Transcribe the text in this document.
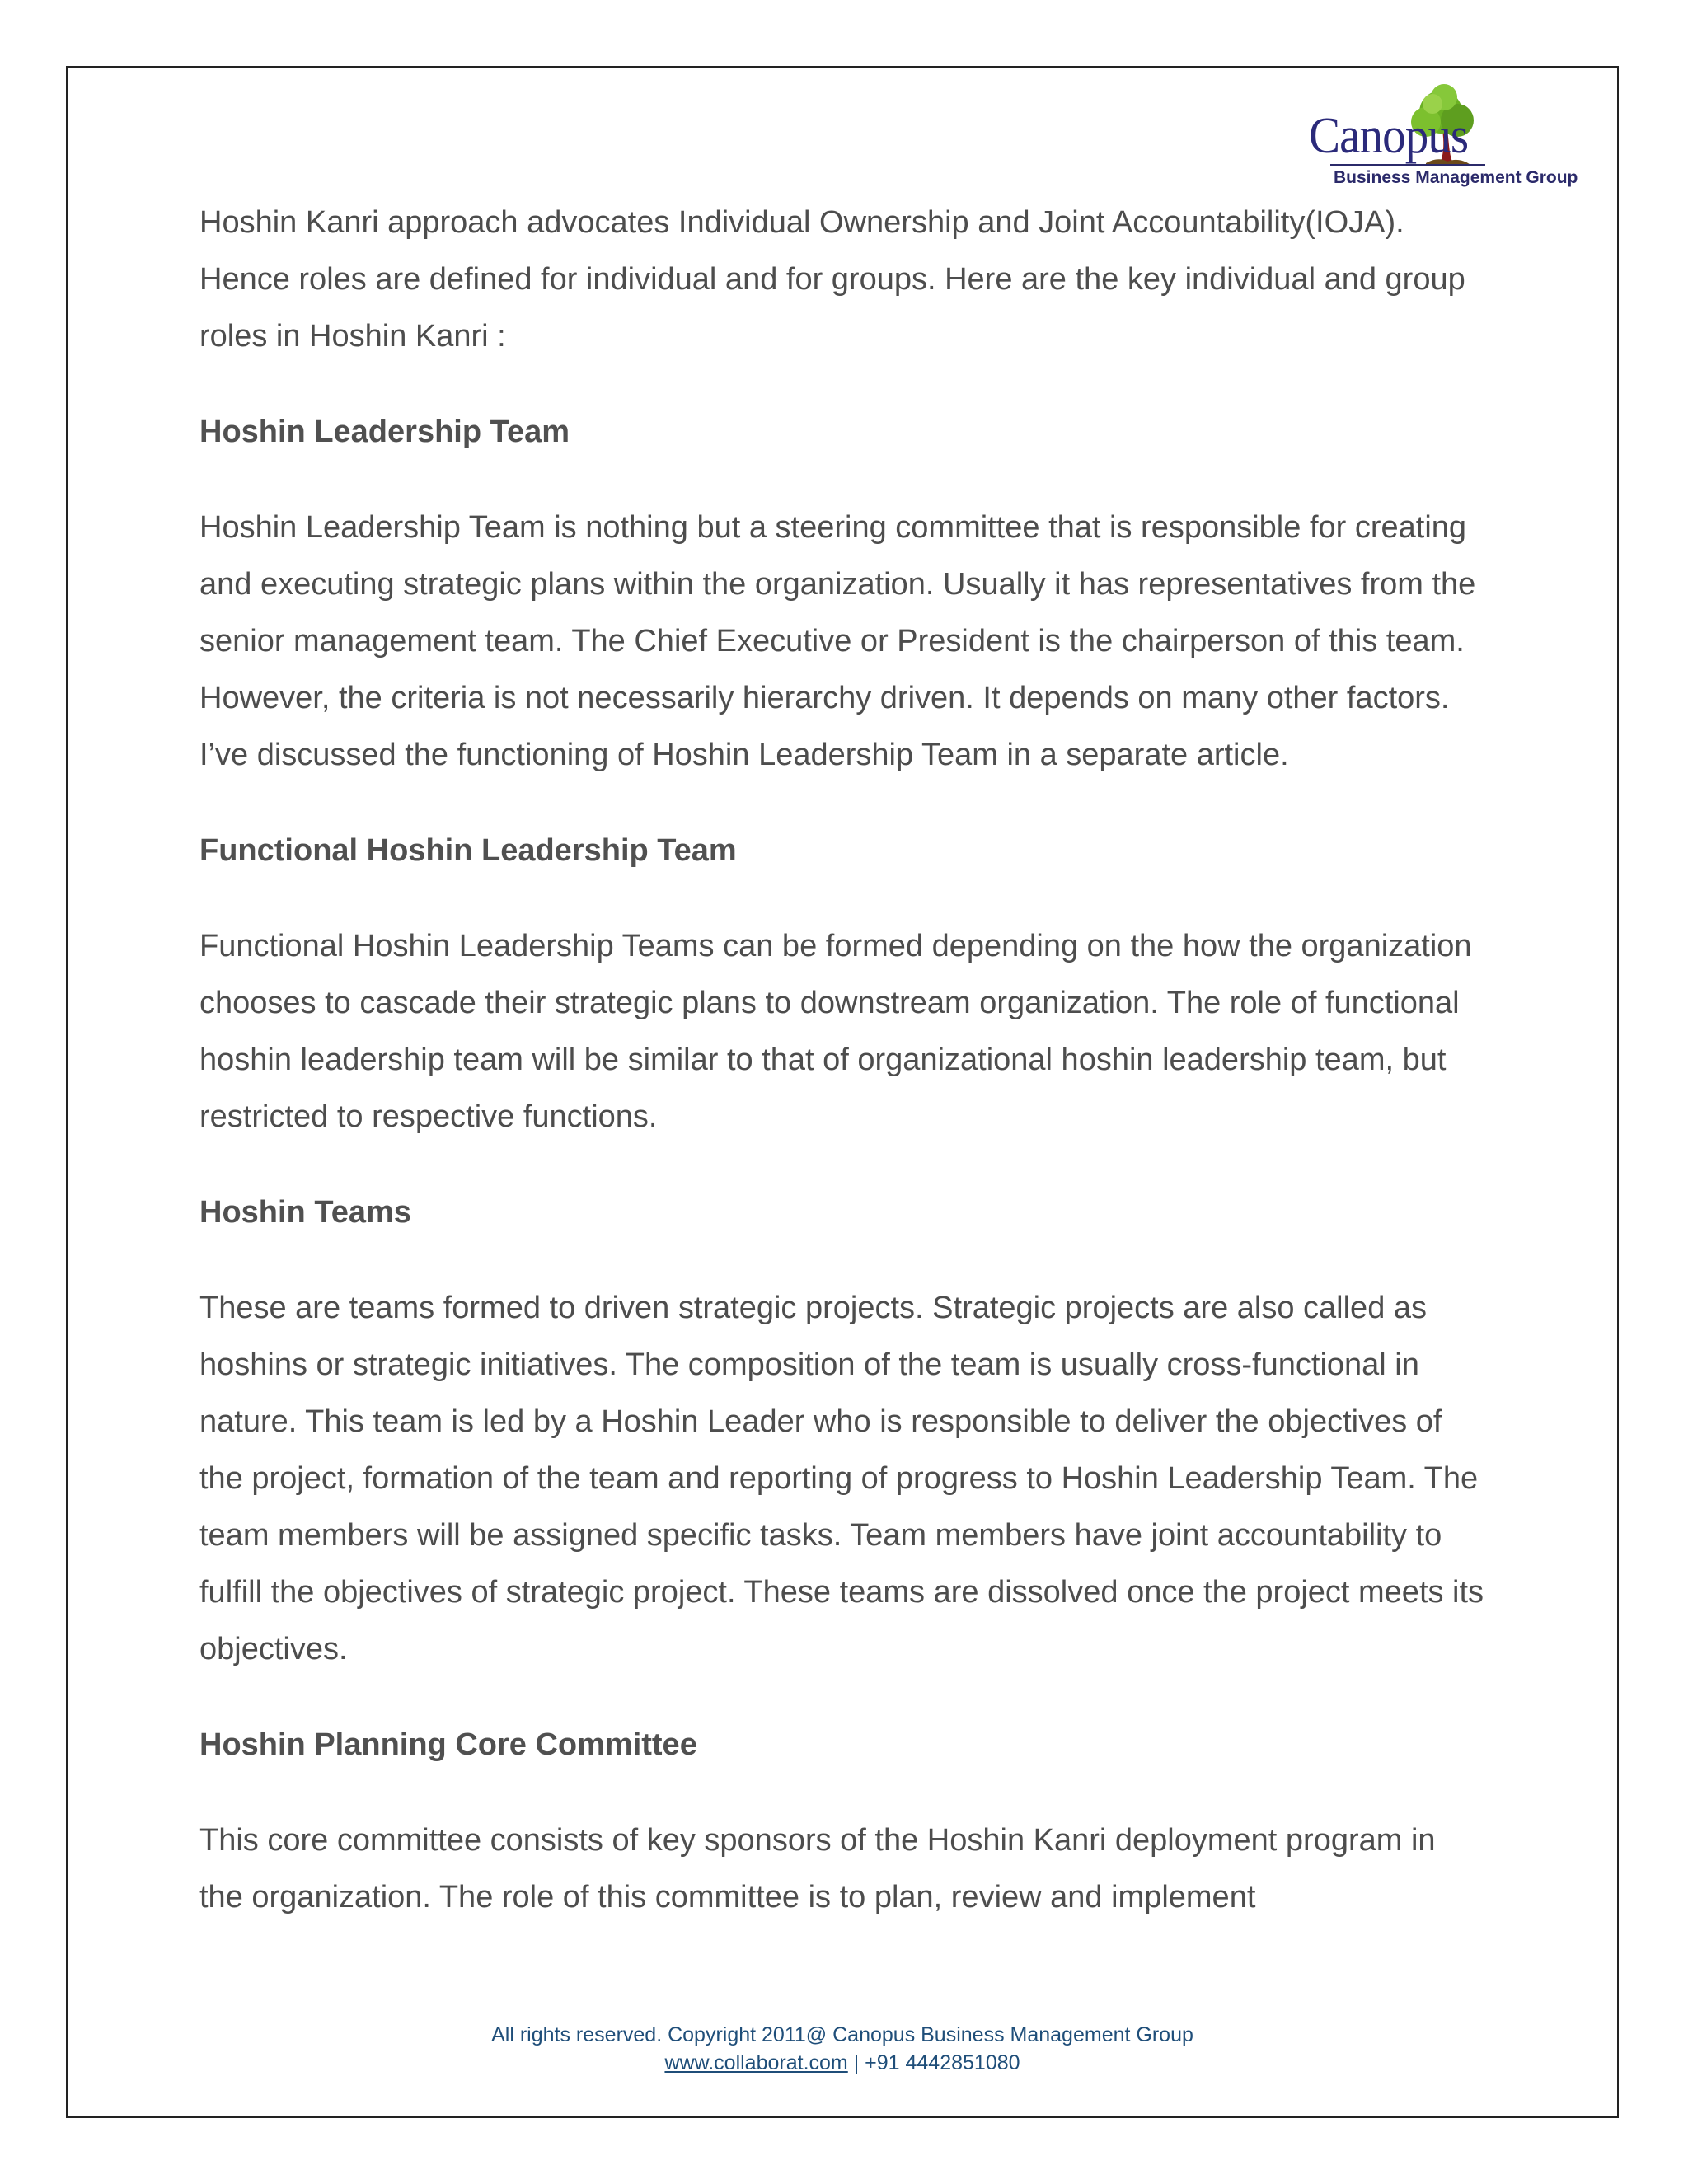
Canopus
Business Management Group

Hoshin Kanri approach advocates Individual Ownership and Joint Accountability(IOJA). Hence roles are defined for individual and for groups. Here are the key individual and group roles in Hoshin Kanri :

Hoshin Leadership Team

Hoshin Leadership Team is nothing but a steering committee that is responsible for creating and executing strategic plans within the organization. Usually it has representatives from the senior management team. The Chief Executive or President is the chairperson of this team. However, the criteria is not necessarily hierarchy driven. It depends on many other factors. I’ve discussed the functioning of Hoshin Leadership Team in a separate article.

Functional Hoshin Leadership Team

Functional Hoshin Leadership Teams can be formed depending on the how the organization chooses to cascade their strategic plans to downstream organization. The role of functional hoshin leadership team will be similar to that of organizational hoshin leadership team, but restricted to respective functions.

Hoshin Teams

These are teams formed to driven strategic projects. Strategic projects are also called as hoshins or strategic initiatives. The composition of the team is usually cross-functional in nature. This team is led by a Hoshin Leader who is responsible to deliver the objectives of the project, formation of the team and reporting of progress to Hoshin Leadership Team. The team members will be assigned specific tasks. Team members have joint accountability to fulfill the objectives of strategic project. These teams are dissolved once the project meets its objectives.

Hoshin Planning Core Committee

This core committee consists of key sponsors of the Hoshin Kanri deployment program in the organization. The role of this committee is to plan, review and implement

All rights reserved. Copyright 2011@ Canopus Business Management Group
www.collaborat.com | +91 4442851080
